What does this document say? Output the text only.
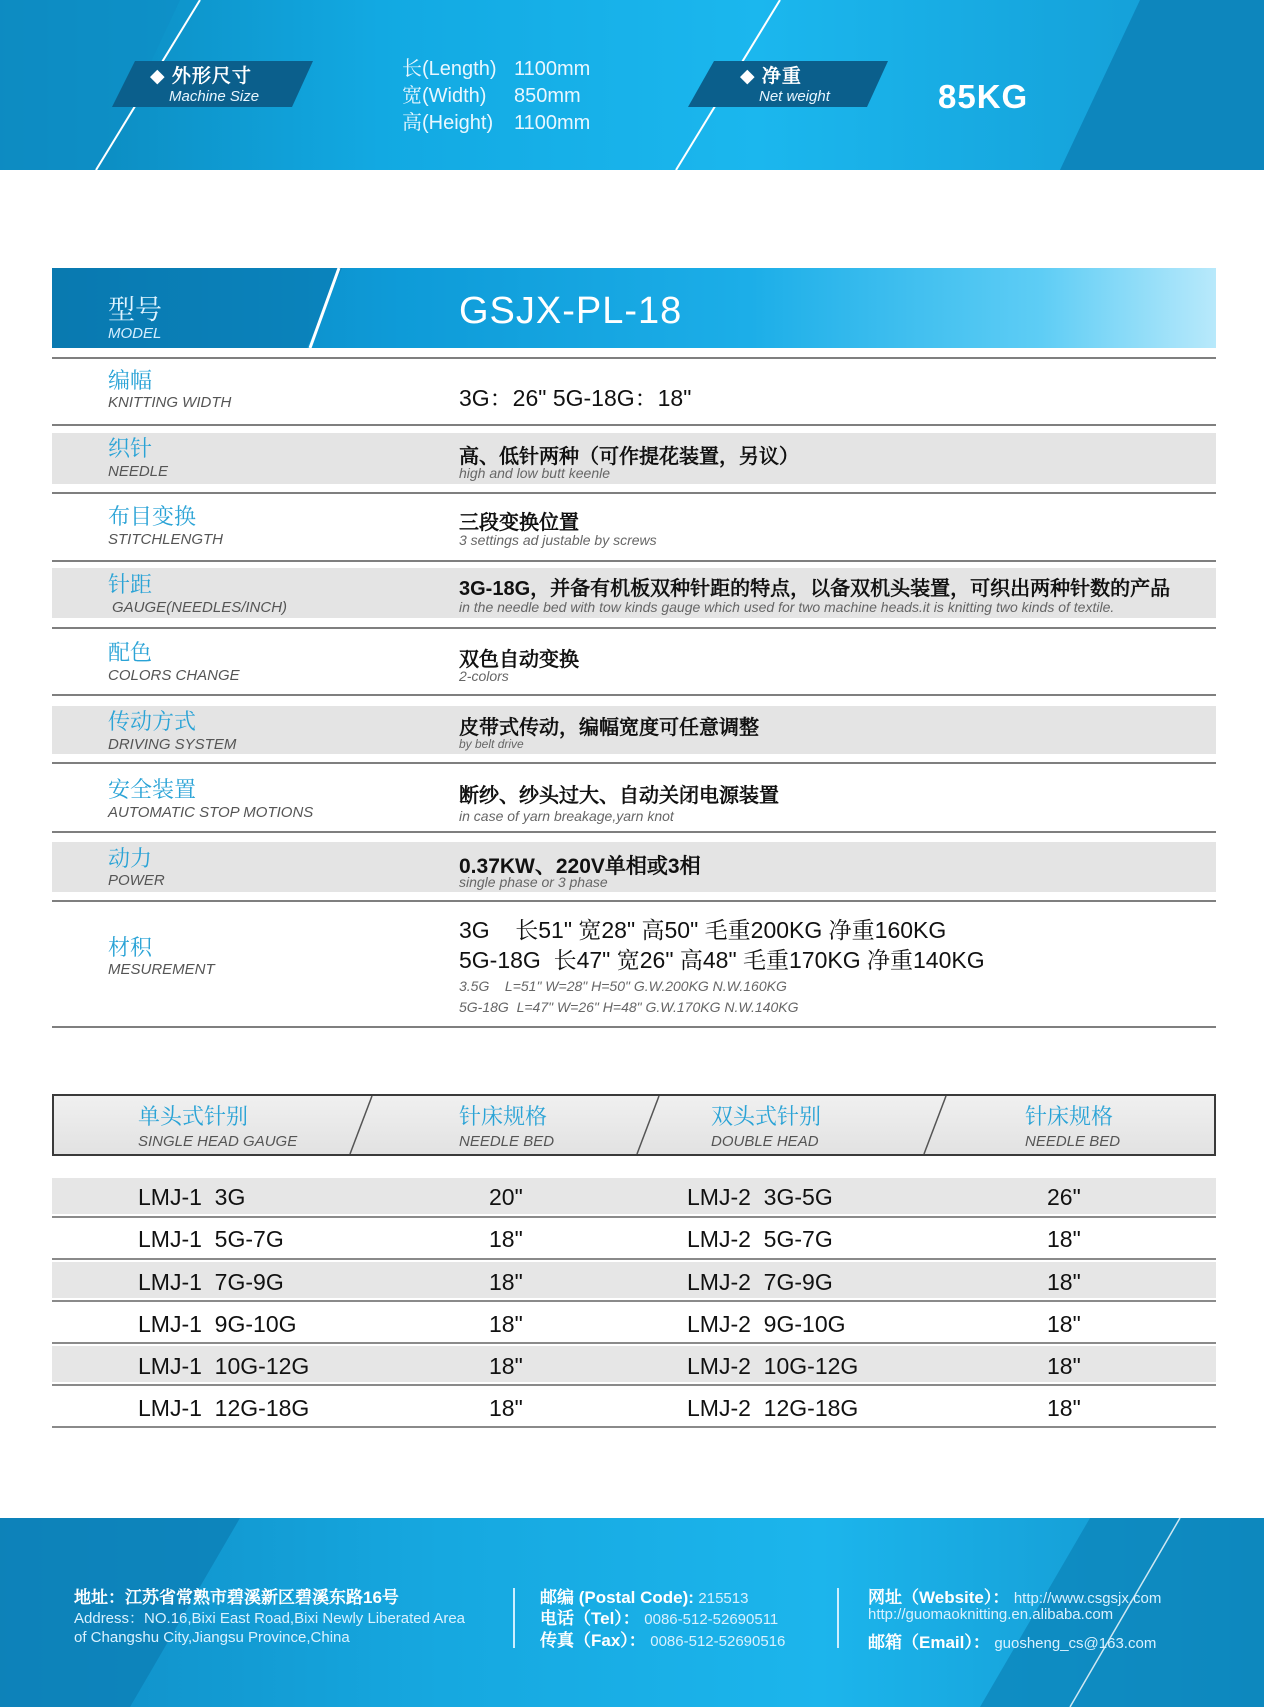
◆ 外形尺寸
Machine Size
长(Length) 1100mm
宽(Width) 850mm
高(Height) 1100mm
◆ 净重
Net weight	85KG
型号
MODEL
GSJX-PL-18
编幅
KNITTING WIDTH	3G：26" 5G-18G：18"
织针
NEEDLE
高、低针两种（可作提花装置，另议）
high and low butt keenle
布目变换
STITCHLENGTH
三段变换位置
3 settings ad justable by screws
针距
GAUGE(NEEDLES/INCH)
3G-18G，并备有机板双种针距的特点，以备双机头装置，可织出两种针数的产品
in the needle bed with tow kinds gauge which used for two machine heads.it is knitting two kinds of textile.
配色
COLORS CHANGE
双色自动变换
2-colors
传动方式
DRIVING SYSTEM
皮带式传动，编幅宽度可任意调整
by belt drive
安全装置
AUTOMATIC STOP MOTIONS
断纱、纱头过大、自动关闭电源装置
in case of yarn breakage,yarn knot
动力
POWER
0.37KW、220V单相或3相
single phase or 3 phase
材积
MESUREMENT
3G    长51" 宽28" 高50" 毛重200KG 净重160KG
5G-18G  长47" 宽26" 高48" 毛重170KG 净重140KG
3.5G    L=51" W=28" H=50" G.W.200KG N.W.160KG
5G-18G  L=47" W=26" H=48" G.W.170KG N.W.140KG
单头式针别
SINGLE HEAD GAUGE
针床规格
NEEDLE BED
双头式针别
DOUBLE HEAD
针床规格
NEEDLE BED
LMJ-1  3G	20"	LMJ-2  3G-5G	26"
LMJ-1  5G-7G	18"	LMJ-2  5G-7G	18"
LMJ-1  7G-9G	18"	LMJ-2  7G-9G	18"
LMJ-1  9G-10G	18"	LMJ-2  9G-10G	18"
LMJ-1  10G-12G	18"	LMJ-2  10G-12G	18"
LMJ-1  12G-18G	18"	LMJ-2  12G-18G	18"
地址：江苏省常熟市碧溪新区碧溪东路16号
Address：NO.16,Bixi East Road,Bixi Newly Liberated Area
of Changshu City,Jiangsu Province,China
邮编 (Postal Code): 215513
电话（Tel）： 0086-512-52690511
传真（Fax）： 0086-512-52690516
网址（Website）： http://www.csgsjx.com
http://guomaoknitting.en.alibaba.com
邮箱（Email）： guosheng_cs@163.com
